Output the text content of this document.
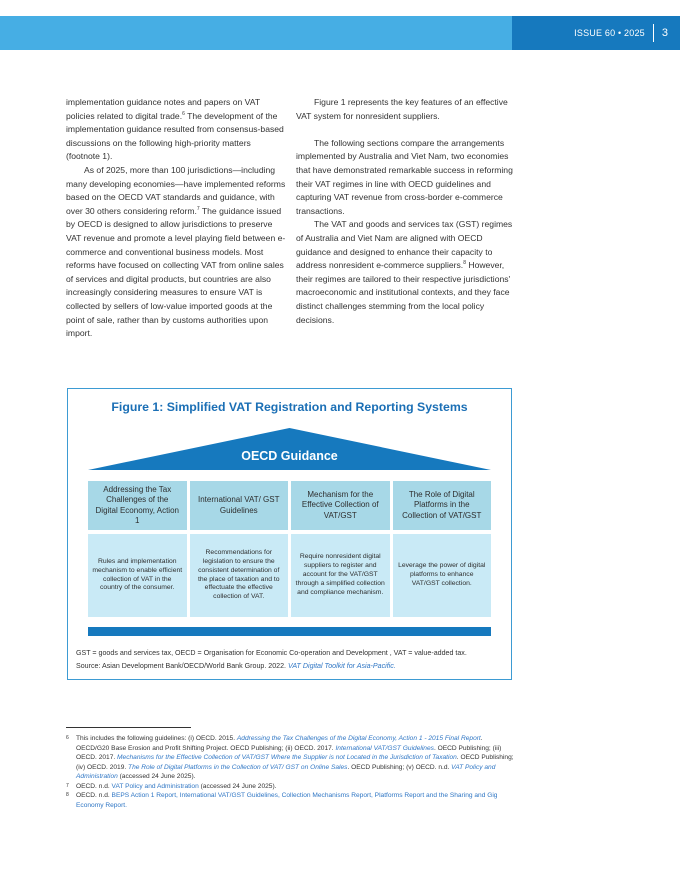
ISSUE 60 • 2025 3

implementation guidance notes and papers on VAT policies related to digital trade.$^6$ The development of the implementation guidance resulted from consensus-based discussions on the following high-priority matters (footnote 1).

As of 2025, more than 100 jurisdictions—including many developing economies—have implemented reforms based on the OECD VAT standards and guidance, with over 30 others considering reform.$^7$ The guidance issued by OECD is designed to allow jurisdictions to preserve VAT revenue and promote a level playing field between e-commerce and conventional business models. Most reforms have focused on collecting VAT from online sales of services and digital products, but countries are also increasingly considering measures to ensure VAT is collected by sellers of low-value imported goods at the point of sale, rather than by customs authorities upon import.

Figure 1 represents the key features of an effective VAT system for nonresident suppliers.

The following sections compare the arrangements implemented by Australia and Viet Nam, two economies that have demonstrated remarkable success in reforming their VAT regimes in line with OECD guidelines and capturing VAT revenue from cross-border e-commerce transactions.

The VAT and goods and services tax (GST) regimes of Australia and Viet Nam are aligned with OECD guidance and designed to enhance their capacity to address nonresident e-commerce suppliers.$^8$ However, their regimes are tailored to their respective jurisdictions' macroeconomic and institutional contexts, and they face distinct challenges stemming from the local policy decisions.

Figure 1: Simplified VAT Registration and Reporting Systems
OECD Guidance
Addressing the Tax Challenges of the Digital Economy, Action 1
International VAT/ GST Guidelines
Mechanism for the Effective Collection of VAT/GST
The Role of Digital Platforms in the Collection of VAT/GST
Rules and implementation mechanism to enable efficient collection of VAT in the country of the consumer.
Recommendations for legislation to ensure the consistent determination of the place of taxation and to effectuate the effective collection of VAT.
Require nonresident digital suppliers to register and account for the VAT/GST through a simplified collection and compliance mechanism.
Leverage the power of digital platforms to enhance VAT/GST collection.
GST = goods and services tax, OECD = Organisation for Economic Co-operation and Development , VAT = value-added tax.
Source: Asian Development Bank/OECD/World Bank Group. 2022. VAT Digital Toolkit for Asia-Pacific.
6 This includes the following guidelines: (i) OECD. 2015. Addressing the Tax Challenges of the Digital Economy, Action 1 - 2015 Final Report. OECD/G20 Base Erosion and Profit Shifting Project. OECD Publishing; (ii) OECD. 2017. International VAT/GST Guidelines. OECD Publishing; (iii) OECD. 2017. Mechanisms for the Effective Collection of VAT/GST Where the Supplier is not Located in the Jurisdiction of Taxation. OECD Publishing; (iv) OECD. 2019. The Role of Digital Platforms in the Collection of VAT/ GST on Online Sales. OECD Publishing; (v) OECD. n.d. VAT Policy and Administration (accessed 24 June 2025).
7 OECD. n.d. VAT Policy and Administration (accessed 24 June 2025).
8 OECD. n.d. BEPS Action 1 Report, International VAT/GST Guidelines, Collection Mechanisms Report, Platforms Report and the Sharing and Gig Economy Report.
